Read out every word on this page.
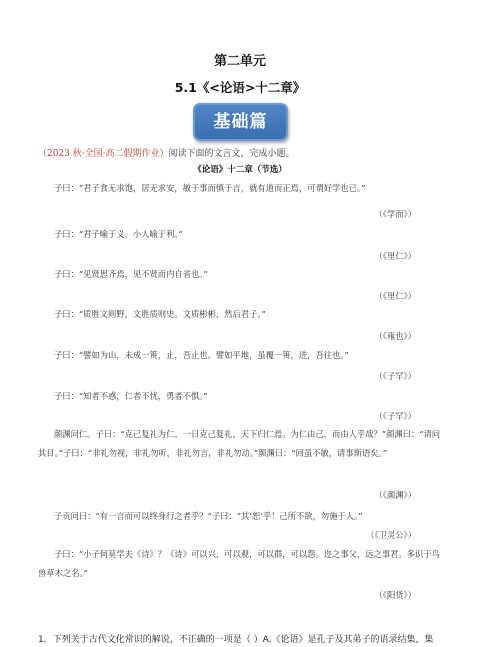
第二单元
5.1《<论语>十二章》
基础篇
（2023 秋·全国·高二假期作业）阅读下面的文言文，完成小题。
《论语》十二章（节选）
子曰：“君子食无求饱，居无求安，敏于事而慎于言，就有道而正焉，可谓好学也已。”
（《学而》）
子曰：“君子喻于义，小人喻于利。”
（《里仁》）
子曰：“见贤思齐焉，见不贤而内自省也。”
（《里仁》）
子曰：“质胜文则野，文胜质则史。文质彬彬，然后君子。”
（《雍也》）
子曰：“譬如为山，未成一篑，止，吾止也。譬如平地，虽覆一篑，进，吾往也。”
（《子罕》）
子曰：“知者不惑，仁者不忧，勇者不惧。”
（《子罕》）
颜渊问仁。子曰：“克己复礼为仁。一日克己复礼，天下归仁焉。为仁由己，而由人乎哉？”颜渊曰：“请问其目。”子曰：“非礼勿视，非礼勿听，非礼勿言，非礼勿动。”颜渊曰：“回虽不敏，请事斯语矣。”
（《颜渊》）
子贡问曰：“有一言而可以终身行之者乎？”子曰：“其‘恕’乎！己所不欲，勿施于人。”
（《卫灵公》）
子曰：“小子何莫学夫《诗》？《诗》可以兴，可以观，可以群，可以怨。迩之事父，远之事君。多识于鸟兽草木之名。”
（《阳货》）
1．下列关于古代文化常识的解说，不正确的一项是（ ）A.《论语》是孔子及其弟子的语录结集，集
